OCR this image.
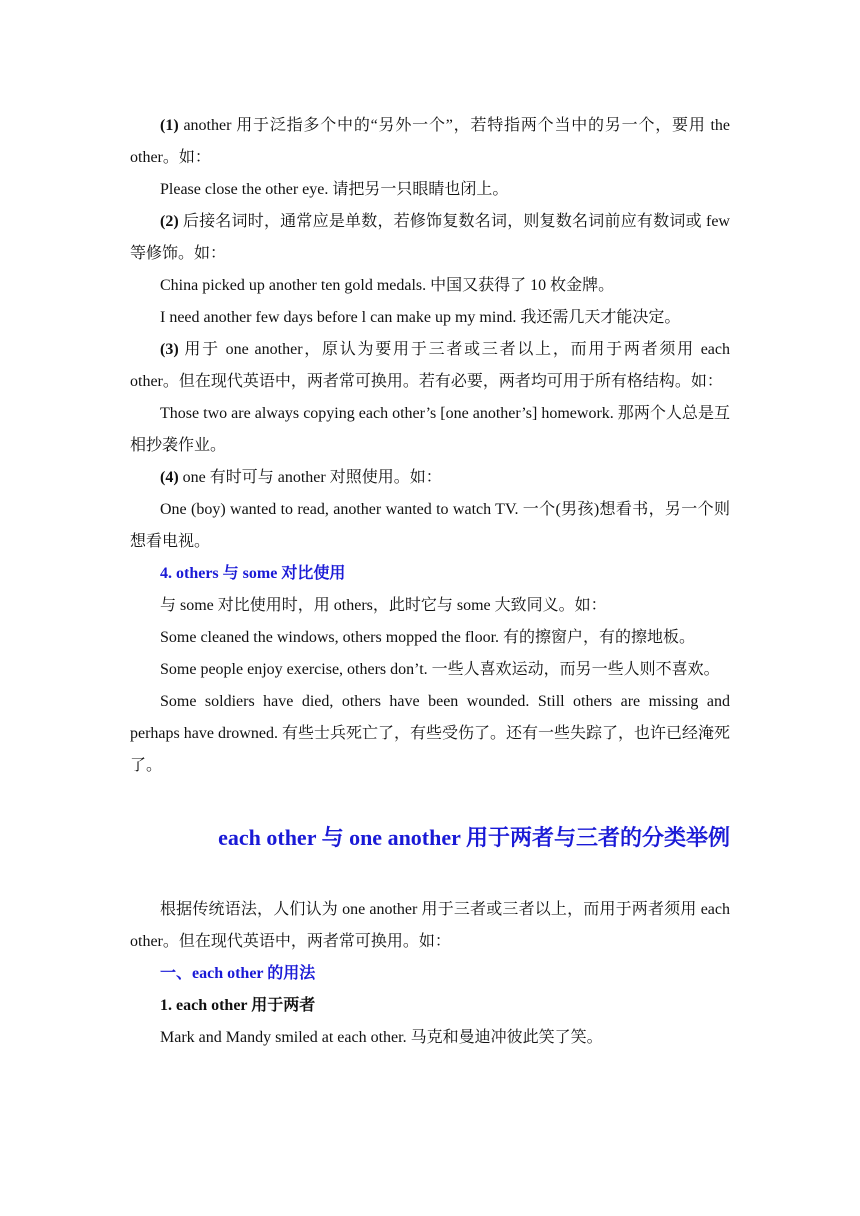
(1) another 用于泛指多个中的“另外一个”，若特指两个当中的另一个，要用 the other。如：

Please close the other eye. 请把另一只眼睛也闭上。

(2) 后接名词时，通常应是单数，若修饰复数名词，则复数名词前应有数词或 few 等修饰。如：

China picked up another ten gold medals. 中国又获得了 10 枚金牌。

I need another few days before l can make up my mind. 我还需几天才能决定。

(3) 用于 one another，原认为要用于三者或三者以上，而用于两者须用 each other。但在现代英语中，两者常可换用。若有必要，两者均可用于所有格结构。如：

Those two are always copying each other’s [one another’s] homework. 那两个人总是互相抄袭作业。

(4) one 有时可与 another 对照使用。如：

One (boy) wanted to read, another wanted to watch TV. 一个(男孩)想看书，另一个则想看电视。

4. others 与 some 对比使用

与 some 对比使用时，用 others，此时它与 some 大致同义。如：

Some cleaned the windows, others mopped the floor. 有的擦窗户，有的擦地板。

Some people enjoy exercise, others don’t. 一些人喜欢运动，而另一些人则不喜欢。

Some soldiers have died, others have been wounded. Still others are missing and perhaps have drowned. 有些士兵死亡了，有些受伤了。还有一些失踪了，也许已经淹死了。

each other 与 one another 用于两者与三者的分类举例

根据传统语法，人们认为 one another 用于三者或三者以上，而用于两者须用 each other。但在现代英语中，两者常可换用。如：

一、each other 的用法

1. each other 用于两者

Mark and Mandy smiled at each other. 马克和曼迪冲彼此笑了笑。
